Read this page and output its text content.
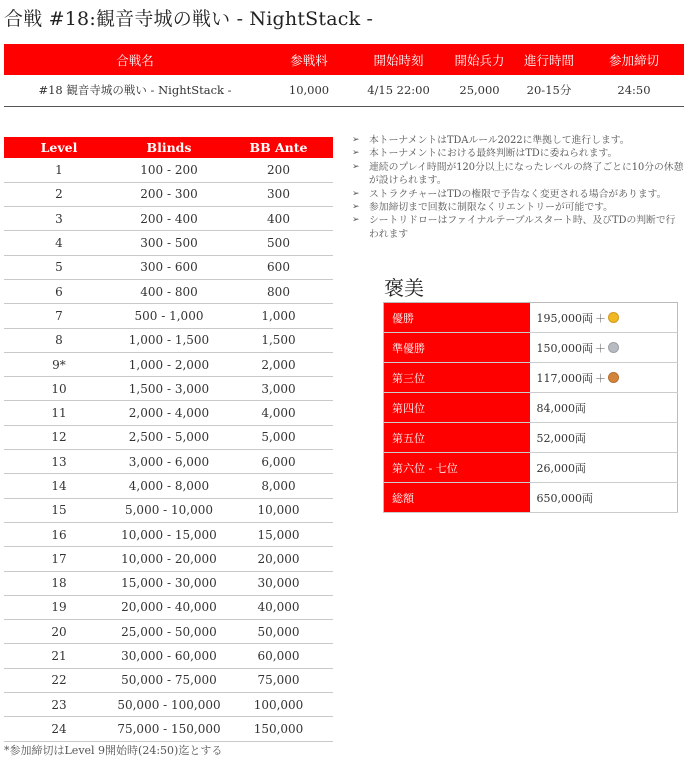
合戦 #18:観音寺城の戦い - NightStack -
合戦名	参戦料	開始時刻	開始兵力	進行時間	参加締切
#18 観音寺城の戦い - NightStack -	10,000	4/15 22:00	25,000	20-15分	24:50
Level	Blinds	BB Ante
1	100 - 200	200
2	200 - 300	300
3	200 - 400	400
4	300 - 500	500
5	300 - 600	600
6	400 - 800	800
7	500 - 1,000	1,000
8	1,000 - 1,500	1,500
9*	1,000 - 2,000	2,000
10	1,500 - 3,000	3,000
11	2,000 - 4,000	4,000
12	2,500 - 5,000	5,000
13	3,000 - 6,000	6,000
14	4,000 - 8,000	8,000
15	5,000 - 10,000	10,000
16	10,000 - 15,000	15,000
17	10,000 - 20,000	20,000
18	15,000 - 30,000	30,000
19	20,000 - 40,000	40,000
20	25,000 - 50,000	50,000
21	30,000 - 60,000	60,000
22	50,000 - 75,000	75,000
23	50,000 - 100,000	100,000
24	75,000 - 150,000	150,000
*参加締切はLevel 9開始時(24:50)迄とする
➢ 本トーナメントはTDAルール2022に準拠して進行します。
➢ 本トーナメントにおける最終判断はTDに委ねられます。
➢ 連続のプレイ時間が120分以上になったレベルの終了ごとに10分の休憩が設けられます。
➢ ストラクチャーはTDの権限で予告なく変更される場合があります。
➢ 参加締切まで回数に制限なくリエントリーが可能です。
➢ シートリドローはファイナルテーブルスタート時、及びTDの判断で行われます
褒美
優勝	195,000両 ＋
準優勝	150,000両 ＋
第三位	117,000両 ＋
第四位	84,000両
第五位	52,000両
第六位 - 七位	26,000両
総額	650,000両
